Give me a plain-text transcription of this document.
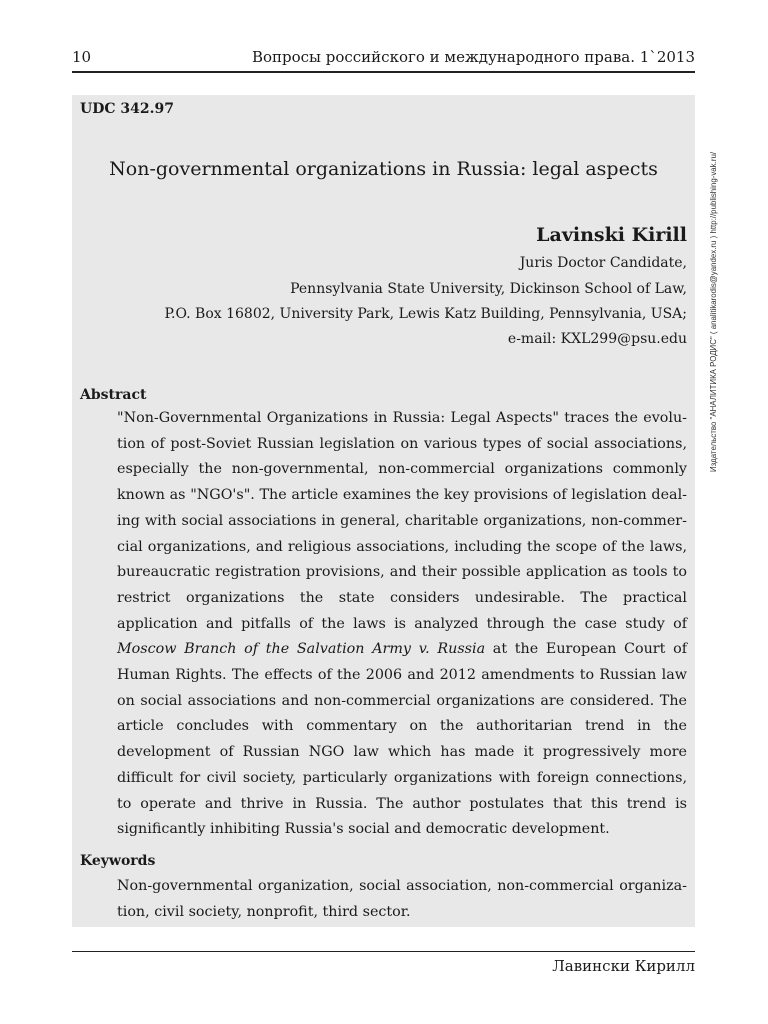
10	Вопросы российского и международного права. 1`2013
UDC 342.97
Non-governmental organizations in Russia: legal aspects
Lavinski Kirill
Juris Doctor Candidate,
Pennsylvania State University, Dickinson School of Law,
P.O. Box 16802, University Park, Lewis Katz Building, Pennsylvania, USA;
e-mail: KXL299@psu.edu
Abstract
"Non-Governmental Organizations in Russia: Legal Aspects" traces the evolution of post-Soviet Russian legislation on various types of social associations, especially the non-governmental, non-commercial organizations commonly known as "NGO's". The article examines the key provisions of legislation dealing with social associations in general, charitable organizations, non-commercial organizations, and religious associations, including the scope of the laws, bureaucratic registration provisions, and their possible application as tools to restrict organizations the state considers undesirable. The practical application and pitfalls of the laws is analyzed through the case study of Moscow Branch of the Salvation Army v. Russia at the European Court of Human Rights. The effects of the 2006 and 2012 amendments to Russian law on social associations and non-commercial organizations are considered. The article concludes with commentary on the authoritarian trend in the development of Russian NGO law which has made it progressively more difficult for civil society, particularly organizations with foreign connections, to operate and thrive in Russia. The author postulates that this trend is significantly inhibiting Russia's social and democratic development.
Keywords
Non-governmental organization, social association, non-commercial organization, civil society, nonprofit, third sector.
Лавински Кирилл
Издательство "АНАЛИТИКА РОДИС" ( analitikarodis@yandex.ru ) http://publishing-vak.ru/
